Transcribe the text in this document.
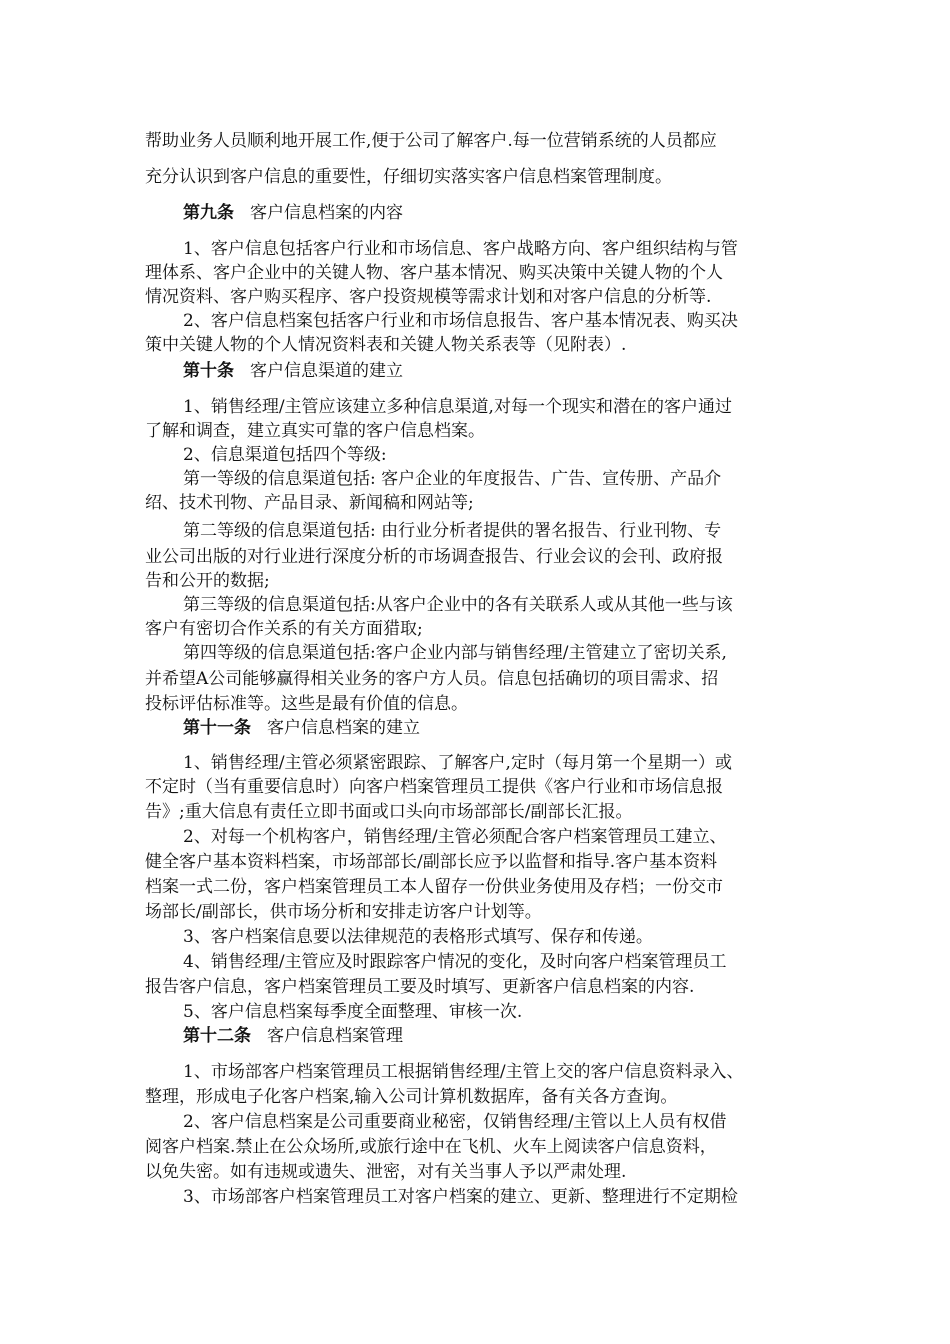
帮助业务人员顺利地开展工作,便于公司了解客户.每一位营销系统的人员都应
充分认识到客户信息的重要性，仔细切实落实客户信息档案管理制度。
第九条 客户信息档案的内容
1、客户信息包括客户行业和市场信息、客户战略方向、客户组织结构与管
理体系、客户企业中的关键人物、客户基本情况、购买决策中关键人物的个人
情况资料、客户购买程序、客户投资规模等需求计划和对客户信息的分析等.
2、客户信息档案包括客户行业和市场信息报告、客户基本情况表、购买决
策中关键人物的个人情况资料表和关键人物关系表等（见附表）.
第十条 客户信息渠道的建立
1、销售经理/主管应该建立多种信息渠道,对每一个现实和潜在的客户通过
了解和调查，建立真实可靠的客户信息档案。
2、信息渠道包括四个等级:
第一等级的信息渠道包括: 客户企业的年度报告、广告、宣传册、产品介
绍、技术刊物、产品目录、新闻稿和网站等;
第二等级的信息渠道包括: 由行业分析者提供的署名报告、行业刊物、专
业公司出版的对行业进行深度分析的市场调查报告、行业会议的会刊、政府报
告和公开的数据;
第三等级的信息渠道包括:从客户企业中的各有关联系人或从其他一些与该
客户有密切合作关系的有关方面猎取;
第四等级的信息渠道包括:客户企业内部与销售经理/主管建立了密切关系,
并希望A公司能够赢得相关业务的客户方人员。信息包括确切的项目需求、招
投标评估标准等。这些是最有价值的信息。
第十一条 客户信息档案的建立
1、销售经理/主管必须紧密跟踪、了解客户,定时（每月第一个星期一）或
不定时（当有重要信息时）向客户档案管理员工提供《客户行业和市场信息报
告》;重大信息有责任立即书面或口头向市场部部长/副部长汇报。
2、对每一个机构客户，销售经理/主管必须配合客户档案管理员工建立、
健全客户基本资料档案，市场部部长/副部长应予以监督和指导.客户基本资料
档案一式二份，客户档案管理员工本人留存一份供业务使用及存档；一份交市
场部长/副部长，供市场分析和安排走访客户计划等。
3、客户档案信息要以法律规范的表格形式填写、保存和传递。
4、销售经理/主管应及时跟踪客户情况的变化，及时向客户档案管理员工
报告客户信息，客户档案管理员工要及时填写、更新客户信息档案的内容.
5、客户信息档案每季度全面整理、审核一次.
第十二条 客户信息档案管理
1、市场部客户档案管理员工根据销售经理/主管上交的客户信息资料录入、
整理，形成电子化客户档案,输入公司计算机数据库，备有关各方查询。
2、客户信息档案是公司重要商业秘密，仅销售经理/主管以上人员有权借
阅客户档案.禁止在公众场所,或旅行途中在飞机、火车上阅读客户信息资料，
以免失密。如有违规或遗失、泄密，对有关当事人予以严肃处理.
3、市场部客户档案管理员工对客户档案的建立、更新、整理进行不定期检
